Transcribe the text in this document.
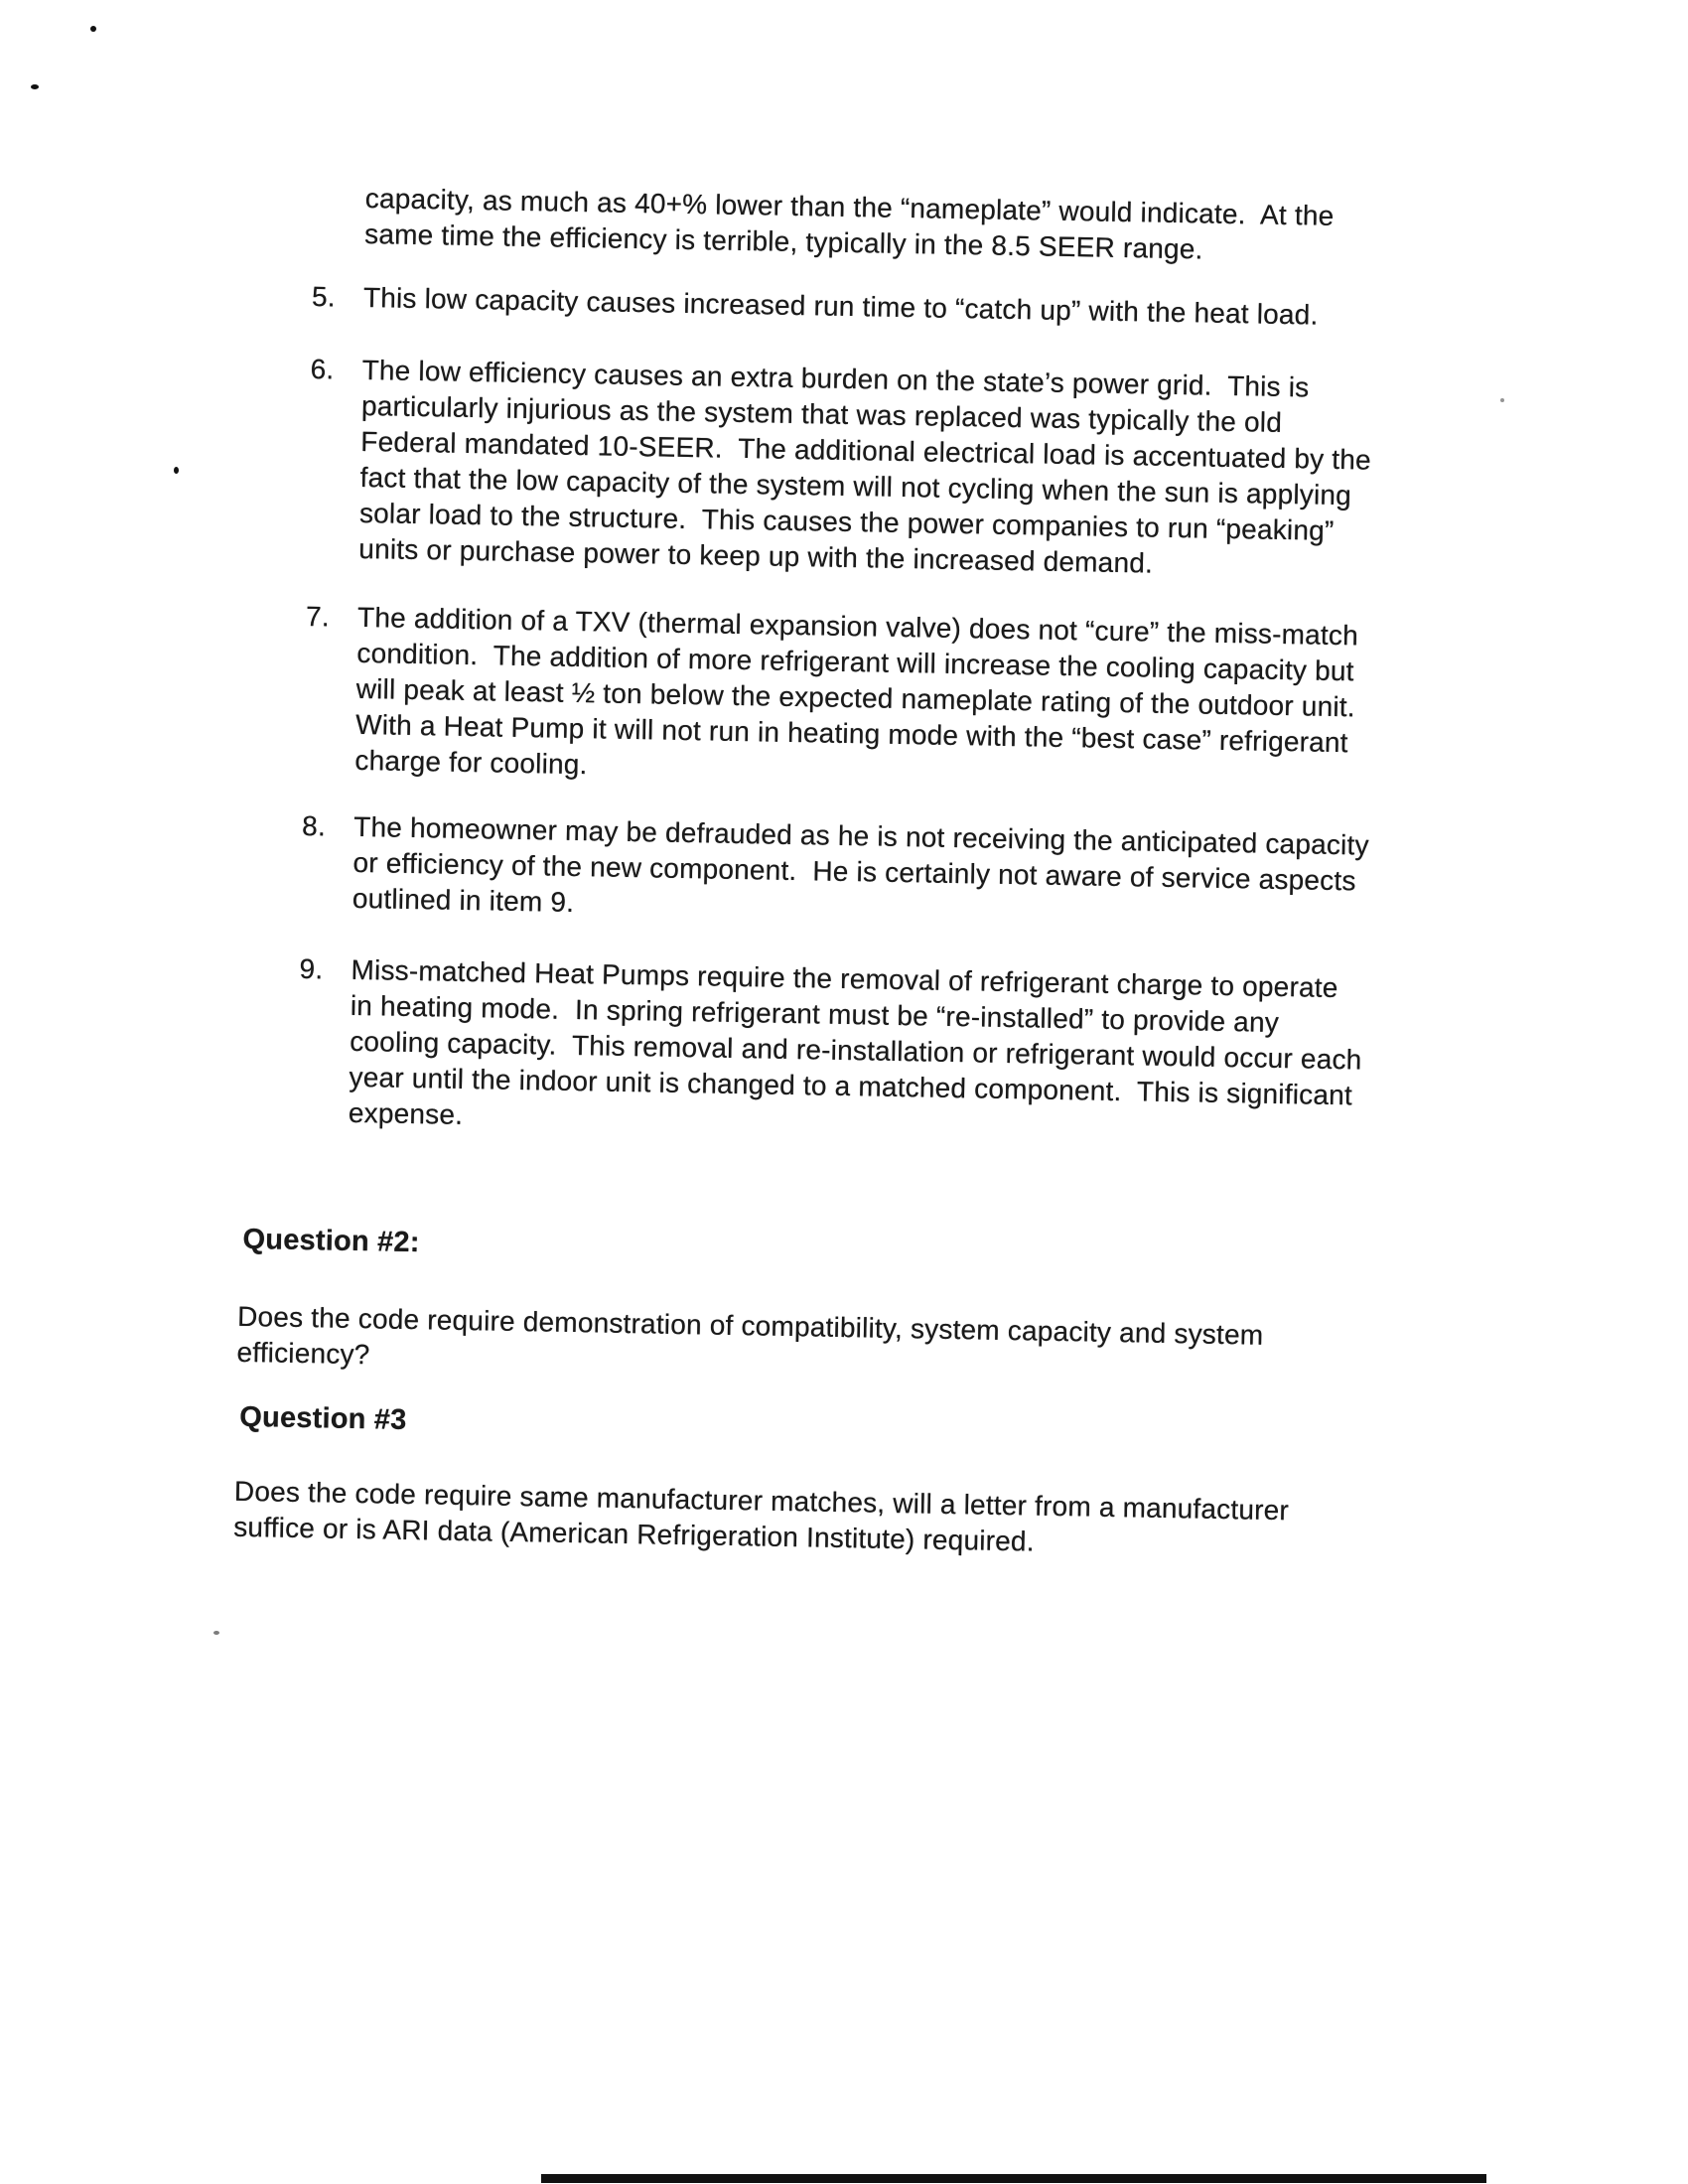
capacity, as much as 40+% lower than the “nameplate” would indicate.  At the
same time the efficiency is terrible, typically in the 8.5 SEER range.
5. This low capacity causes increased run time to “catch up” with the heat load.
6. The low efficiency causes an extra burden on the state’s power grid.  This is
particularly injurious as the system that was replaced was typically the old
Federal mandated 10-SEER.  The additional electrical load is accentuated by the
fact that the low capacity of the system will not cycling when the sun is applying
solar load to the structure.  This causes the power companies to run “peaking”
units or purchase power to keep up with the increased demand.
7. The addition of a TXV (thermal expansion valve) does not “cure” the miss-match
condition.  The addition of more refrigerant will increase the cooling capacity but
will peak at least ½ ton below the expected nameplate rating of the outdoor unit.
With a Heat Pump it will not run in heating mode with the “best case” refrigerant
charge for cooling.
8. The homeowner may be defrauded as he is not receiving the anticipated capacity
or efficiency of the new component.  He is certainly not aware of service aspects
outlined in item 9.
9. Miss-matched Heat Pumps require the removal of refrigerant charge to operate
in heating mode.  In spring refrigerant must be “re-installed” to provide any
cooling capacity.  This removal and re-installation or refrigerant would occur each
year until the indoor unit is changed to a matched component.  This is significant
expense.
Question #2:
Does the code require demonstration of compatibility, system capacity and system
efficiency?
Question #3
Does the code require same manufacturer matches, will a letter from a manufacturer
suffice or is ARI data (American Refrigeration Institute) required.
